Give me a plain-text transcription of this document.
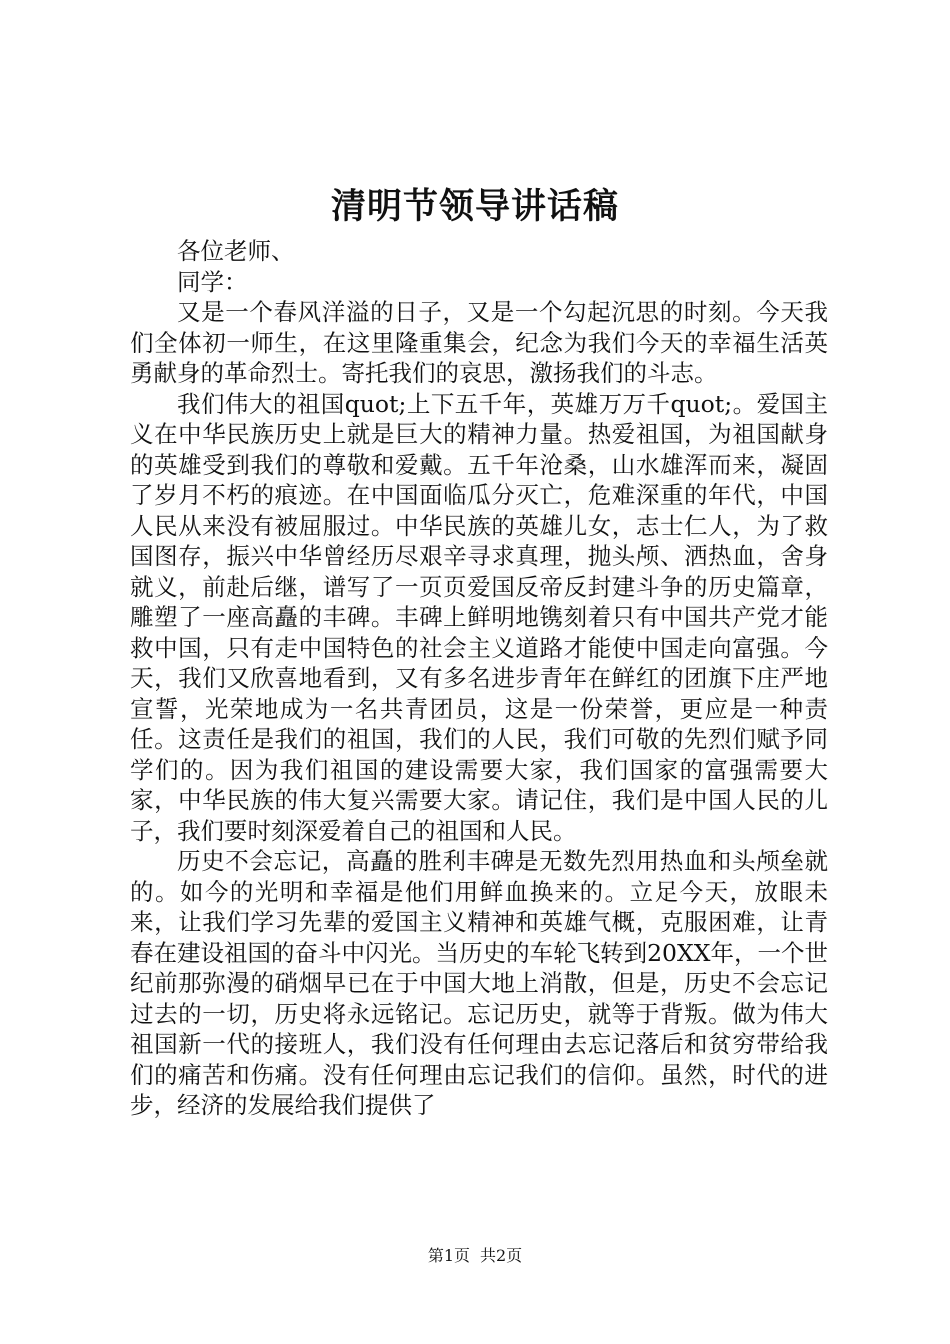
清明节领导讲话稿

各位老师、

同学：

又是一个春风洋溢的日子，又是一个勾起沉思的时刻。今天我们全体初一师生，在这里隆重集会，纪念为我们今天的幸福生活英勇献身的革命烈士。寄托我们的哀思，激扬我们的斗志。

我们伟大的祖国quot;上下五千年，英雄万万千quot;。爱国主义在中华民族历史上就是巨大的精神力量。热爱祖国，为祖国献身的英雄受到我们的尊敬和爱戴。五千年沧桑，山水雄浑而来，凝固了岁月不朽的痕迹。在中国面临瓜分灭亡，危难深重的年代，中国人民从来没有被屈服过。中华民族的英雄儿女，志士仁人，为了救国图存，振兴中华曾经历尽艰辛寻求真理，抛头颅、洒热血，舍身就义，前赴后继，谱写了一页页爱国反帝反封建斗争的历史篇章，雕塑了一座高矗的丰碑。丰碑上鲜明地镌刻着只有中国共产党才能救中国，只有走中国特色的社会主义道路才能使中国走向富强。今天，我们又欣喜地看到，又有多名进步青年在鲜红的团旗下庄严地宣誓，光荣地成为一名共青团员，这是一份荣誉，更应是一种责任。这责任是我们的祖国，我们的人民，我们可敬的先烈们赋予同学们的。因为我们祖国的建设需要大家，我们国家的富强需要大家，中华民族的伟大复兴需要大家。请记住，我们是中国人民的儿子，我们要时刻深爱着自己的祖国和人民。

历史不会忘记，高矗的胜利丰碑是无数先烈用热血和头颅垒就的。如今的光明和幸福是他们用鲜血换来的。立足今天，放眼未来，让我们学习先辈的爱国主义精神和英雄气概，克服困难，让青春在建设祖国的奋斗中闪光。当历史的车轮飞转到20XX年，一个世纪前那弥漫的硝烟早已在于中国大地上消散，但是，历史不会忘记过去的一切，历史将永远铭记。忘记历史，就等于背叛。做为伟大祖国新一代的接班人，我们没有任何理由去忘记落后和贫穷带给我们的痛苦和伤痛。没有任何理由忘记我们的信仰。虽然，时代的进步，经济的发展给我们提供了

第1页 共2页
